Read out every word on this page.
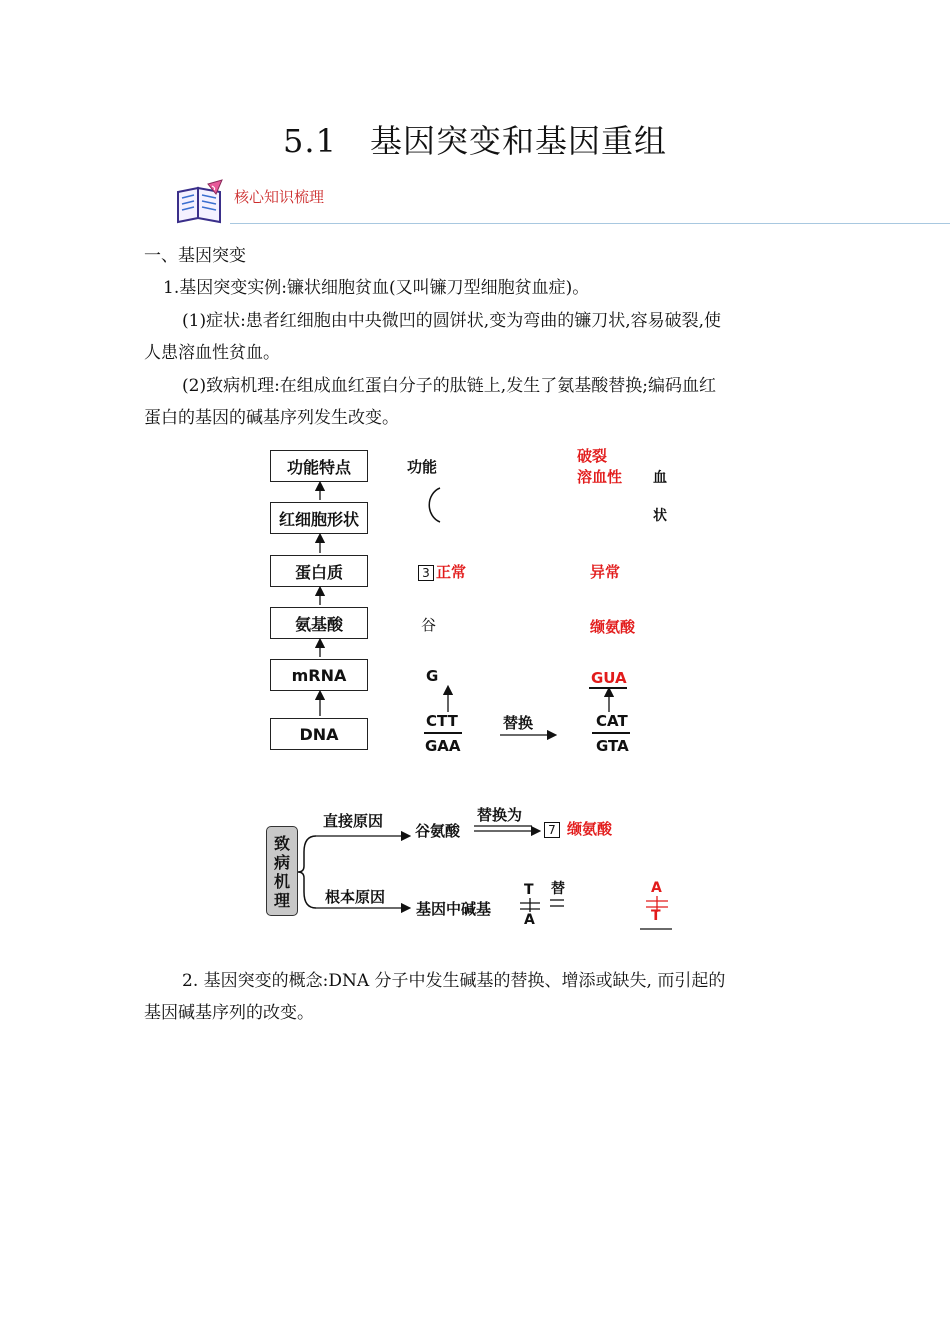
5.1　基因突变和基因重组
核心知识梳理
一、基因突变
1.基因突变实例:镰状细胞贫血(又叫镰刀型细胞贫血症)。
(1)症状:患者红细胞由中央微凹的圆饼状,变为弯曲的镰刀状,容易破裂,使
人患溶血性贫血。
(2)致病机理:在组成血红蛋白分子的肽链上,发生了氨基酸替换;编码血红
蛋白的基因的碱基序列发生改变。
功能特点
红细胞形状
蛋白质
氨基酸
mRNA
DNA
功能
3 正常
谷
G
CTT
GAA
替换
破裂
溶血性 血
状
异常
缬氨酸
GUA
CAT
GTA
致
病
机
理
直接原因
谷氨酸
替换为
7 缬氨酸
根本原因
基因中碱基
T
A
替	A
T
2. 基因突变的概念:DNA 分子中发生碱基的替换、增添或缺失, 而引起的
基因碱基序列的改变。
